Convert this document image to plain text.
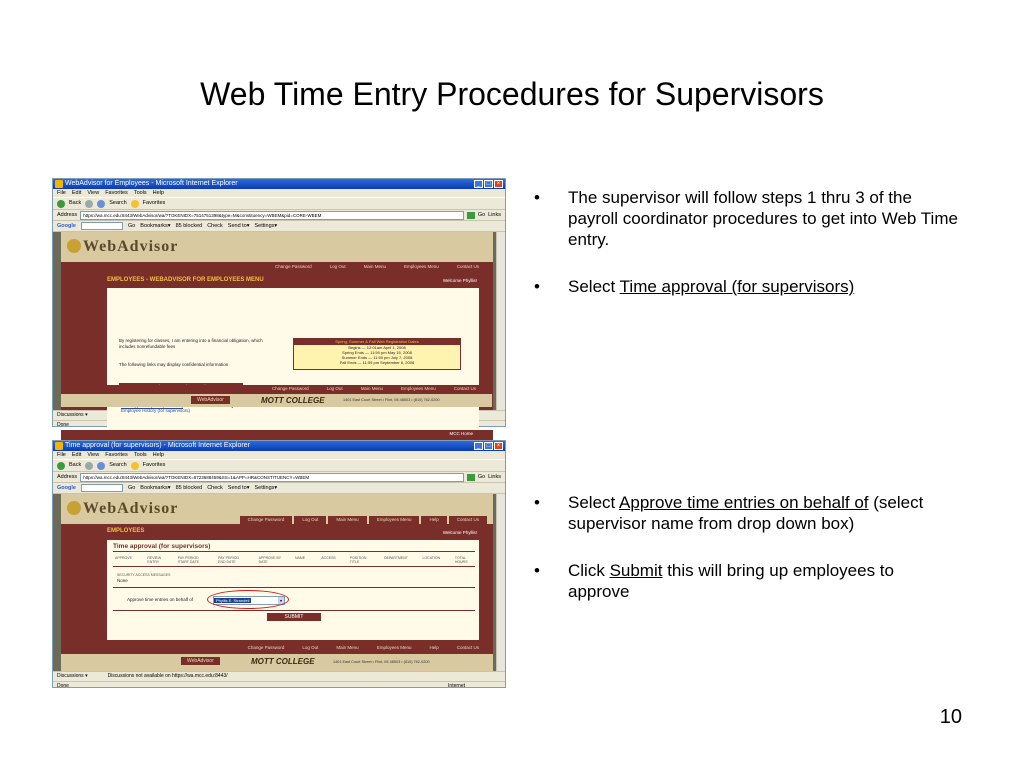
Web Time Entry Procedures for Supervisors
WebAdvisor for Employees - Microsoft Internet Explorer	_	□	×
File Edit View Favorites Tools Help
Back	Search	Favorites
Address	https://wa.mcc.edu:8443/WebAdvisor/wa/?TOKENIDX=7514751398&type=M&constituency=WBEM&pid=CORE-WBEM	Go Links
Google	Go Bookmarks▾ 85 blocked Check Send to▾ Settings▾
WebAdvisor
Change Password	Log Out	Main Menu	Employees Menu	Contact Us
EMPLOYEES - WEBADVISOR FOR EMPLOYEES MENU	Welcome Phyllis!
By registering for classes, I am entering into a financial obligation, which includes nonrefundable fees
The following links may display confidential information
Spring, Summer & Fall Web Registration Dates
Begins — 12:01am April 1, 2008
Spring Ends — 11:59 pm May 15, 2008
Summer Ends — 11:59 pm July 7, 2008
Fall Ends — 11:59 pm September 6, 2008
Employee History (for supervisors)
MCC Home
Discussions ▾
Done
Time approval (for supervisors) - Microsoft Internet Explorer	_	□	×
File Edit View Favorites Tools Help
Back	Search	Favorites
Address	https://wa.mcc.edu:8443/WebAdvisor/wa/?TOKENIDX=8723688459&SS=1&APP=HR&CONSTITUENCY=WBEM	Go Links
Google	Go Bookmarks▾ 85 blocked Check Send to▾ Settings▾
WebAdvisor
Change Password	Log Out	Main Menu	Employees Menu	Help	Contact Us
EMPLOYEES	Welcome Phyllis!
Time approval (for supervisors)
APPROVE	REVIEW ENTRY
PAY PERIOD START DATE
PAY PERIOD END DATE
APPROVE BY DATE
NAME	ACCESS	POSITION TITLE
DEPARTMENT	LOCATION	TOTAL HOURS
SECURITY ACCESS MESSAGES
None
Approve time entries on behalf of	Phyllis E. Strandell	▾
SUBMIT
Change Password	Log Out	Main Menu	Employees Menu	Help	Contact Us
WebAdvisor	MOTT COLLEGE	1401 East Court Street • Flint, MI 48503 • (810) 762-0200
Discussions ▾	Discussions not available on https://wa.mcc.edu:8443/
Done	Internet
Change Password	Log Out	Main Menu	Employees Menu	Contact Us
WebAdvisor	MOTT COLLEGE	1401 East Court Street • Flint, MI 48503 • (810) 762-0200
• The supervisor will follow steps 1 thru 3 of the payroll coordinator procedures to get into Web Time entry.
• Select Time approval (for supervisors)
• Select Approve time entries on behalf of (select supervisor name from drop down box)
• Click Submit this will bring up employees to approve
10
